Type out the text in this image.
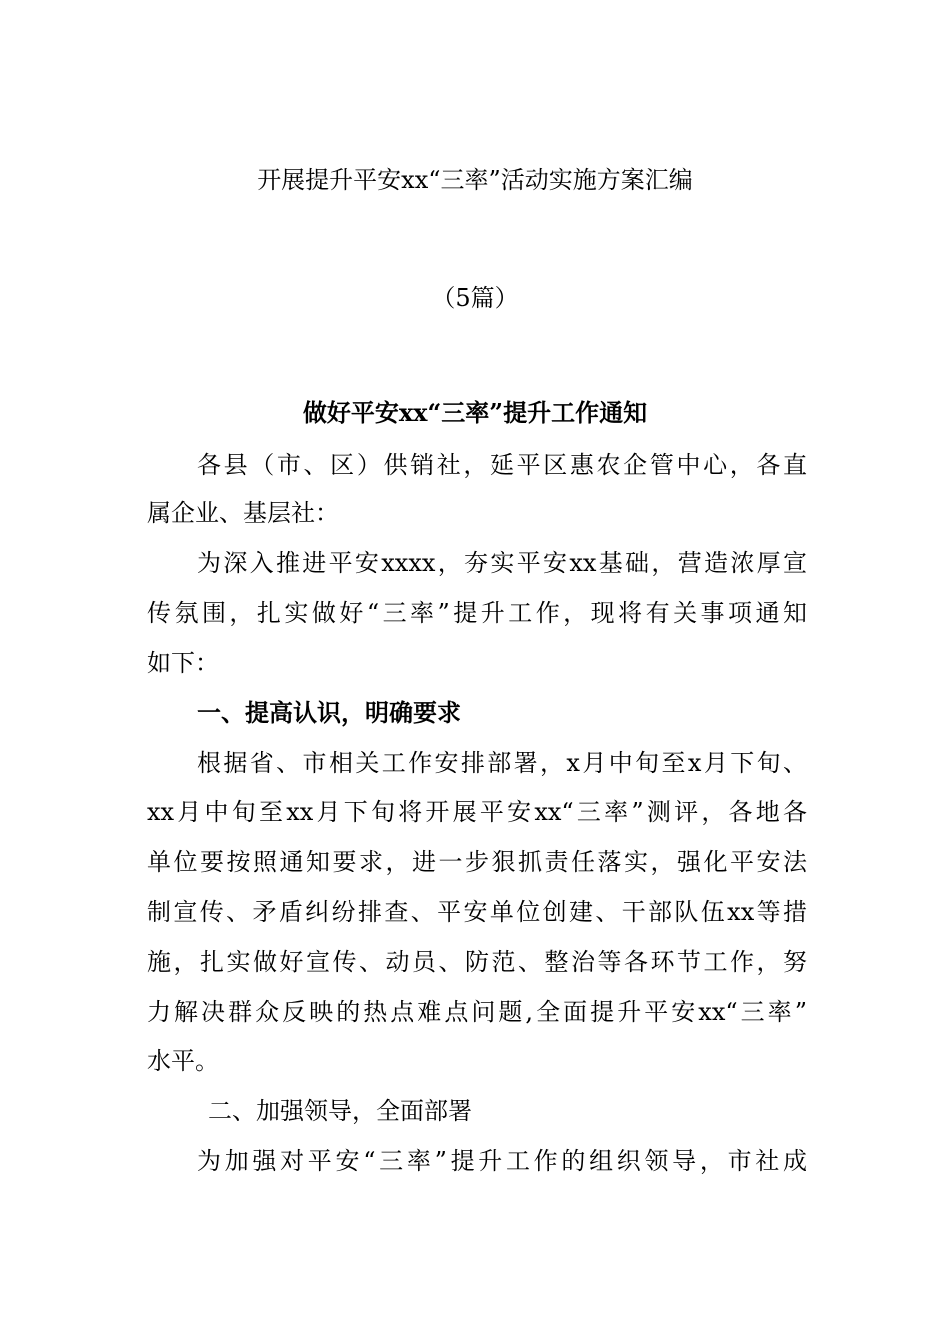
开展提升平安xx“三率”活动实施方案汇编
（5篇）
做好平安xx“三率”提升工作通知
各县（市、区）供销社，延平区惠农企管中心，各直
属企业、基层社：
为深入推进平安xxxx，夯实平安xx基础，营造浓厚宣
传氛围，扎实做好“三率”提升工作，现将有关事项通知
如下：
一、提高认识，明确要求
根据省、市相关工作安排部署，x月中旬至x月下旬、
xx月中旬至xx月下旬将开展平安xx“三率”测评，各地各
单位要按照通知要求，进一步狠抓责任落实，强化平安法
制宣传、矛盾纠纷排查、平安单位创建、干部队伍xx等措
施，扎实做好宣传、动员、防范、整治等各环节工作，努
力解决群众反映的热点难点问题,全面提升平安xx“三率”
水平。
二、加强领导，全面部署
为加强对平安“三率”提升工作的组织领导，市社成
